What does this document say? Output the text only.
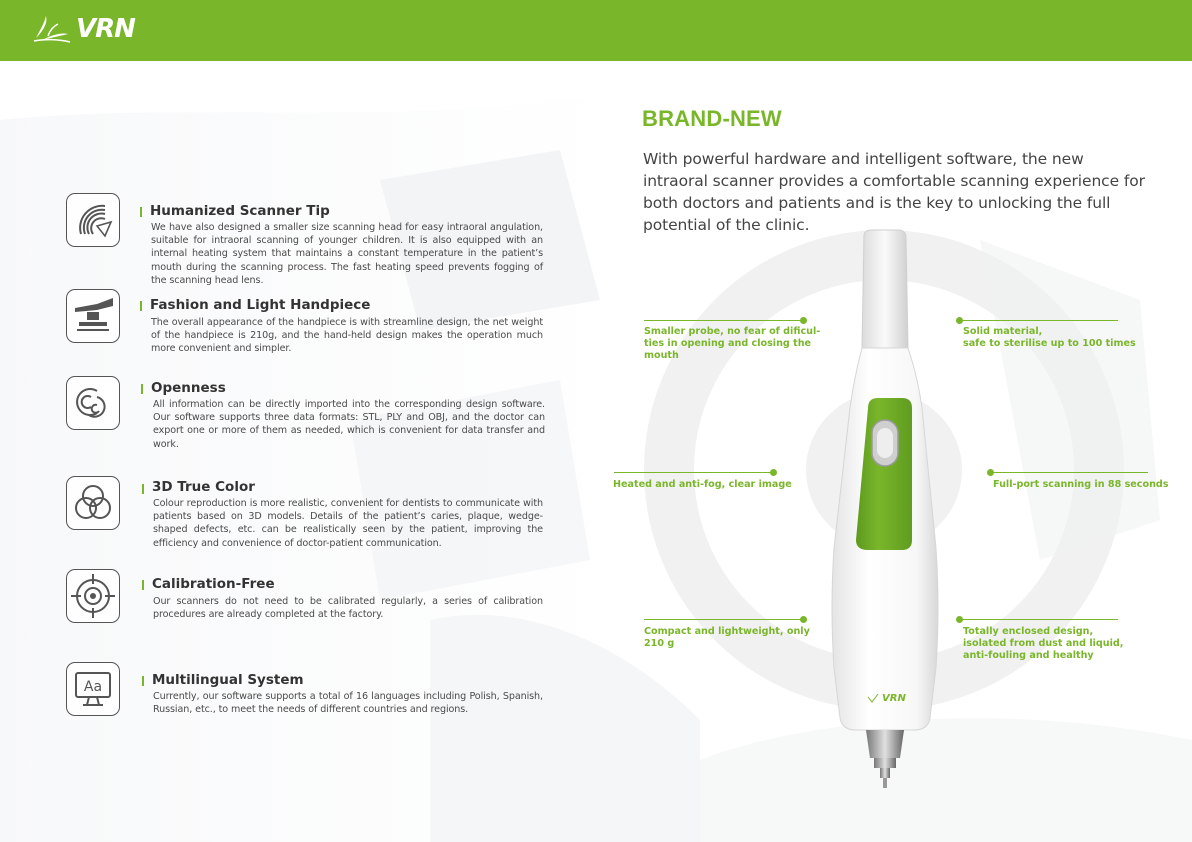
VRN
Humanized Scanner Tip
We have also designed a smaller size scanning head for easy intraoral angulation, suitable for intraoral scanning of younger children. It is also equipped with an internal heating system that maintains a constant temperature in the patient’s mouth during the scanning process. The fast heating speed prevents fogging of the scanning head lens.
Fashion and Light Handpiece
The overall appearance of the handpiece is with streamline design, the net weight of the handpiece is 210g, and the hand-held design makes the operation much more convenient and simpler.
Openness
All information can be directly imported into the corresponding design software. Our software supports three data formats: STL, PLY and OBJ, and the doctor can export one or more of them as needed, which is convenient for data transfer and work.
3D True Color
Colour reproduction is more realistic, convenient for dentists to communicate with patients based on 3D models. Details of the patient’s caries, plaque, wedge-shaped defects, etc. can be realistically seen by the patient, improving the efficiency and convenience of doctor-patient communication.
Calibration-Free
Our scanners do not need to be calibrated regularly, a series of calibration procedures are already completed at the factory.
Aa	Multilingual System
Currently, our software supports a total of 16 languages including Polish, Spanish, Russian, etc., to meet the needs of different countries and regions.
BRAND-NEW
With powerful hardware and intelligent software, the new intraoral scanner provides a comfortable scanning experience for both doctors and patients and is the key to unlocking the full potential of the clinic.
VRN
Smaller probe, no fear of dificul-
ties in opening and closing the
mouth
Solid material,
safe to sterilise up to 100 times
Heated and anti-fog, clear image	Full-port scanning in 88 seconds
Compact and lightweight, only
210 g
Totally enclosed design,
isolated from dust and liquid,
anti-fouling and healthy
